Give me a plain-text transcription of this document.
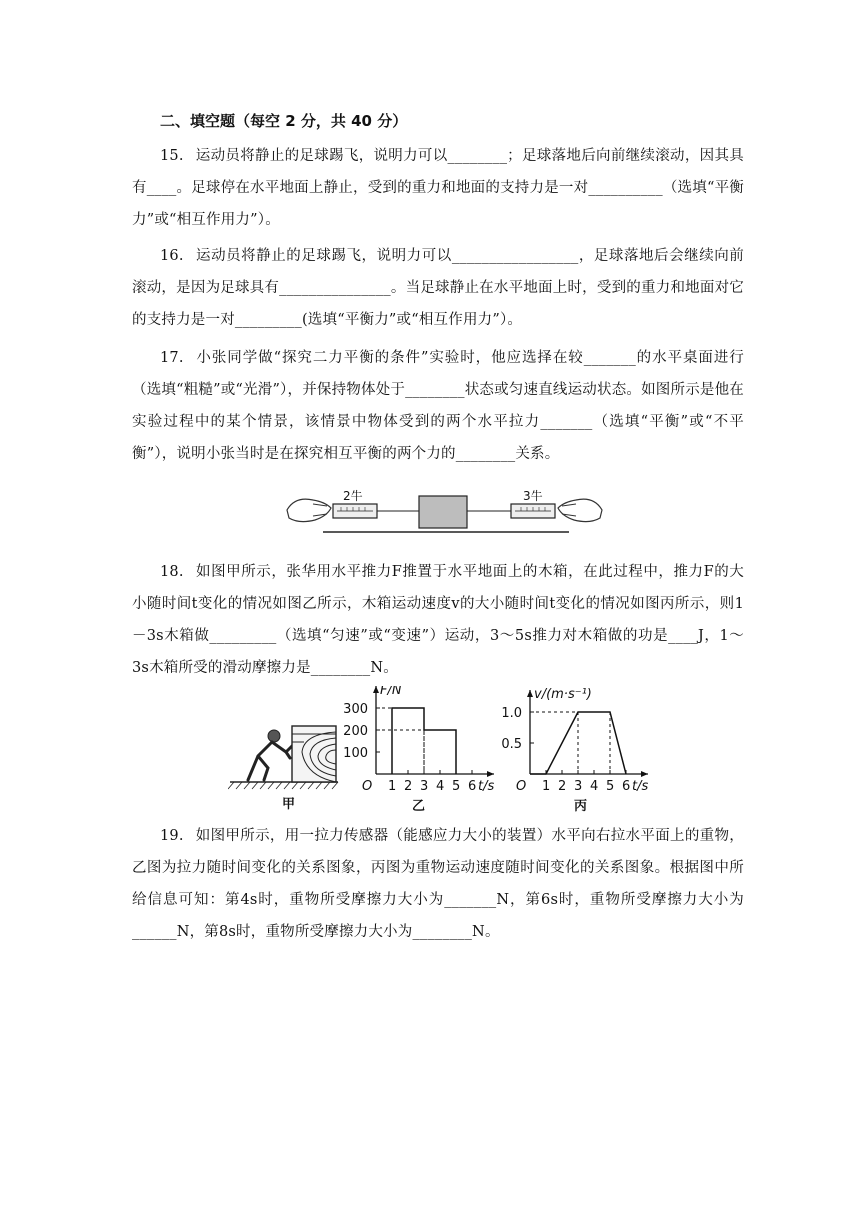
二、填空题（每空 2 分，共 40 分）
15. 运动员将静止的足球踢飞，说明力可以________；足球落地后向前继续滚动，因其具有____。足球停在水平地面上静止，受到的重力和地面的支持力是一对__________（选填“平衡力”或“相互作用力”）。
16. 运动员将静止的足球踢飞，说明力可以_________________，足球落地后会继续向前滚动，是因为足球具有_______________。当足球静止在水平地面上时，受到的重力和地面对它的支持力是一对_________(选填“平衡力”或“相互作用力”）。
17. 小张同学做“探究二力平衡的条件”实验时，他应选择在较_______的水平桌面进行（选填“粗糙”或“光滑”），并保持物体处于________状态或匀速直线运动状态。如图所示是他在实验过程中的某个情景，该情景中物体受到的两个水平拉力_______（选填“平衡”或“不平衡”），说明小张当时是在探究相互平衡的两个力的________关系。
2牛	3牛
18. 如图甲所示，张华用水平推力F推置于水平地面上的木箱，在此过程中，推力F的大小随时间t变化的情况如图乙所示，木箱运动速度v的大小随时间t变化的情况如图丙所示，则1－3s木箱做_________（选填“匀速”或“变速”）运动，3～5s推力对木箱做的功是____J，1～3s木箱所受的滑动摩擦力是________N。
甲	乙
O 1 2 3 4 5 6 t/s
100
200
300
F/N
丙
O 1 2 3 4 5 6 t/s
0.5
1.0
v/(m·s⁻¹)
19. 如图甲所示，用一拉力传感器（能感应力大小的装置）水平向右拉水平面上的重物，乙图为拉力随时间变化的关系图象，丙图为重物运动速度随时间变化的关系图象。根据图中所给信息可知：第4s时，重物所受摩擦力大小为_______N，第6s时，重物所受摩擦力大小为______N，第8s时，重物所受摩擦力大小为________N。
